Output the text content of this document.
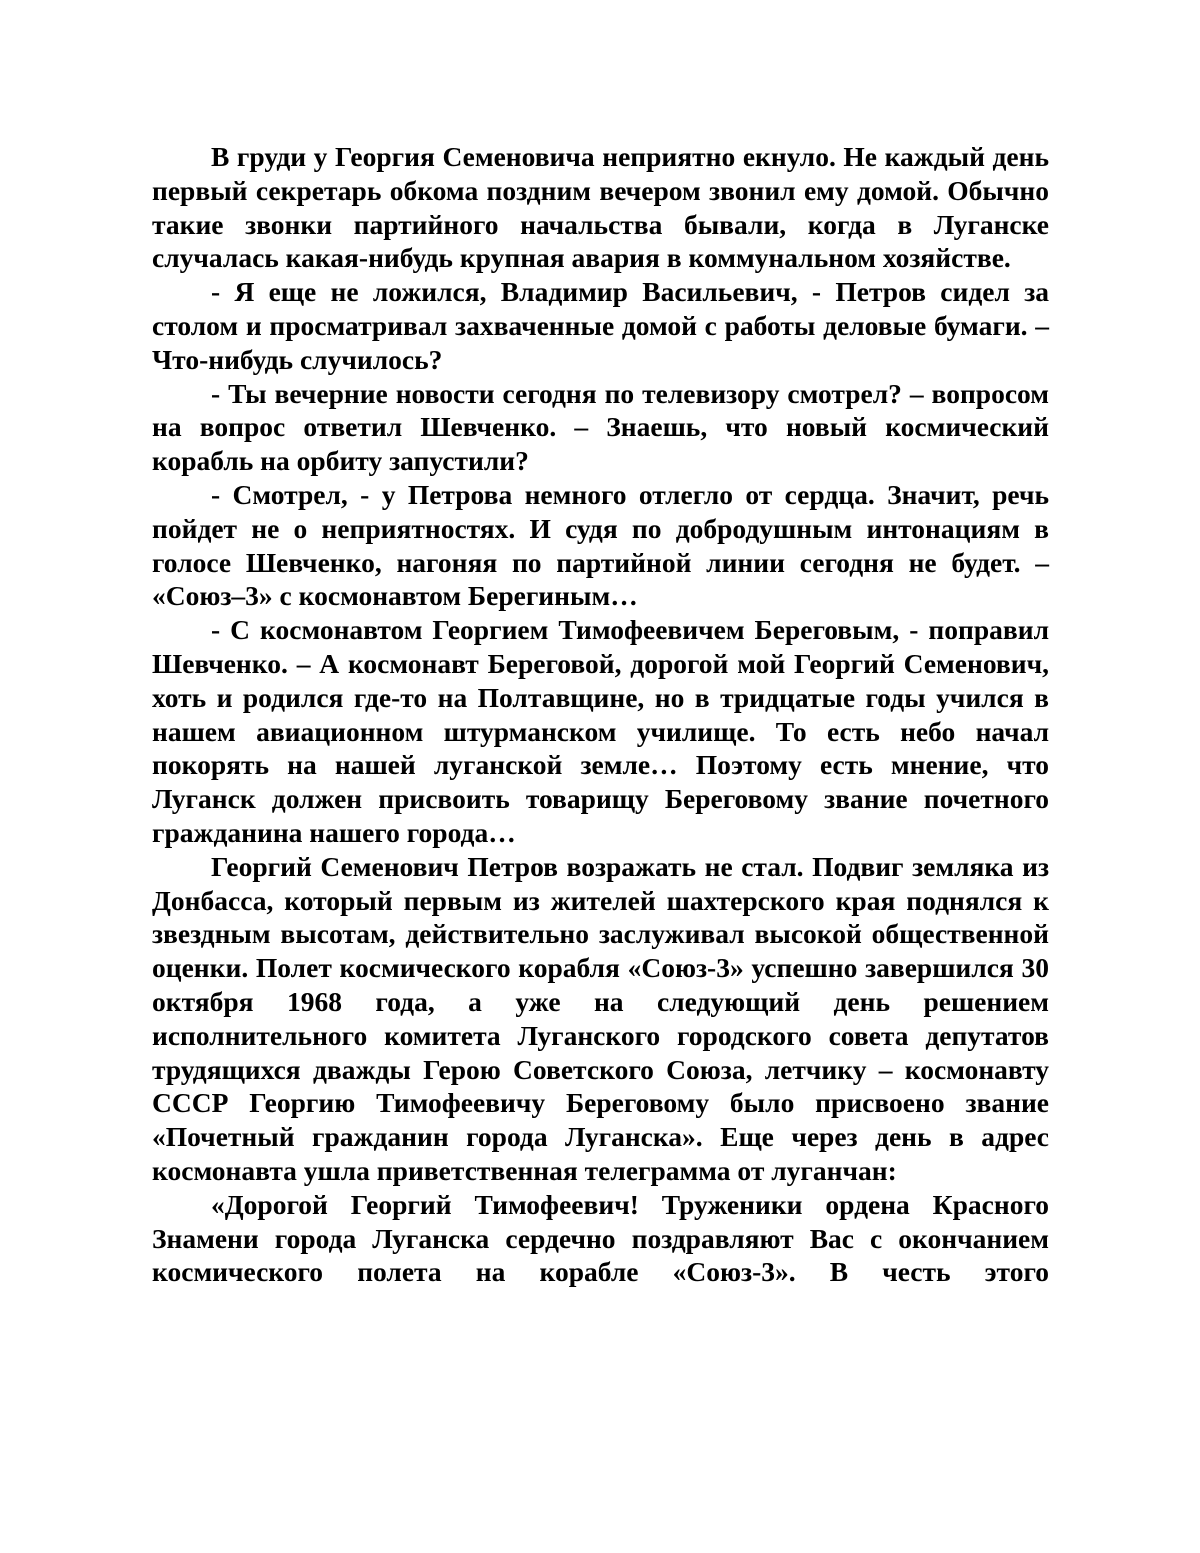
В груди у Георгия Семеновича неприятно екнуло. Не каждый день первый секретарь обкома поздним вечером звонил ему домой. Обычно такие звонки партийного начальства бывали, когда в Луганске случалась какая-нибудь крупная авария в коммунальном хозяйстве.

- Я еще не ложился, Владимир Васильевич, - Петров сидел за столом и просматривал захваченные домой с работы деловые бумаги. – Что-нибудь случилось?

- Ты вечерние новости сегодня по телевизору смотрел? – вопросом на вопрос ответил Шевченко. – Знаешь, что новый космический корабль на орбиту запустили?

- Смотрел, - у Петрова немного отлегло от сердца. Значит, речь пойдет не о неприятностях. И судя по добродушным интонациям в голосе Шевченко, нагоняя по партийной линии сегодня не будет. – «Союз–3» с космонавтом Берегиным…

- С космонавтом Георгием Тимофеевичем Береговым, - поправил Шевченко. – А космонавт Береговой, дорогой мой Георгий Семенович, хоть и родился где-то на Полтавщине, но в тридцатые годы учился в нашем авиационном штурманском училище. То есть небо начал покорять на нашей луганской земле… Поэтому есть мнение, что Луганск должен присвоить товарищу Береговому звание почетного гражданина нашего города…

Георгий Семенович Петров возражать не стал. Подвиг земляка из Донбасса, который первым из жителей шахтерского края поднялся к звездным высотам, действительно заслуживал высокой общественной оценки. Полет космического корабля «Союз-3» успешно завершился 30 октября 1968 года, а уже на следующий день решением исполнительного комитета Луганского городского совета депутатов трудящихся дважды Герою Советского Союза, летчику – космонавту СССР Георгию Тимофеевичу Береговому было присвоено звание «Почетный гражданин города Луганска». Еще через день в адрес космонавта ушла приветственная телеграмма от луганчан:

«Дорогой Георгий Тимофеевич! Труженики ордена Красного Знамени города Луганска сердечно поздравляют Вас с окончанием космического полета на корабле «Союз-3». В честь этого
